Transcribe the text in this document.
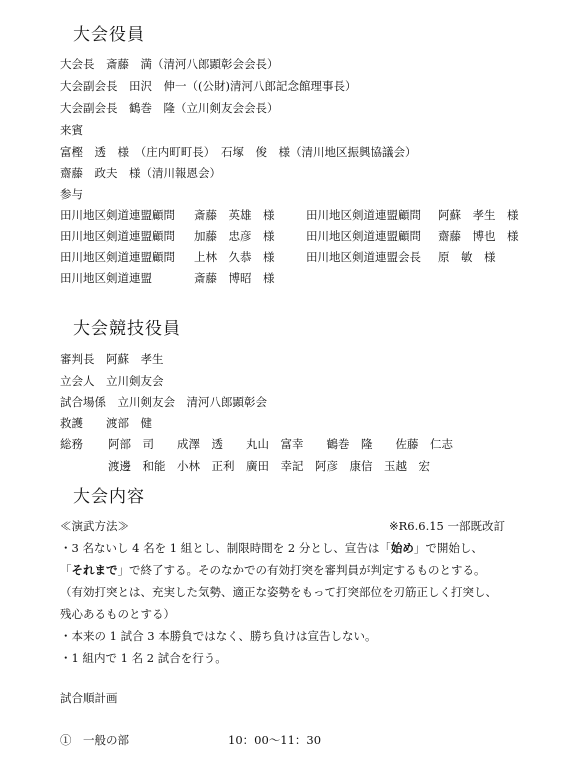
大会役員
大会長　斎藤　満（清河八郎顕彰会会長）
大会副会長　田沢　伸一（(公財)清河八郎記念館理事長）
大会副会長　鶴巻　隆（立川剣友会会長）
来賓
富樫　透　様　（庄内町町長）　石塚　俊　様（清川地区振興協議会）
齋藤　政夫　様（清川報恩会）
参与
田川地区剣道連盟顧問 斎藤　英雄　様	田川地区剣道連盟顧問 阿蘇　孝生　様
田川地区剣道連盟顧問 加藤　忠彦　様	田川地区剣道連盟顧問 齋藤　博也　様
田川地区剣道連盟顧問 上林　久恭　様	田川地区剣道連盟会長 原　敏　様
田川地区剣道連盟	斎藤　博昭　様
大会競技役員
審判長　阿蘇　孝生
立会人　立川剣友会
試合場係　立川剣友会　清河八郎顕彰会
救護　　渡部　健
総務 阿部　司　　成澤　透　　丸山　富幸　　鶴巻　隆　　佐藤　仁志
渡邊　和能　小林　正利　廣田　幸記　阿彦　康信　玉越　宏
大会内容
≪演武方法≫	※R6.6.15 一部既改訂
・3 名ないし 4 名を 1 組とし、制限時間を 2 分とし、宣告は「始め」で開始し、
「それまで」で終了する。そのなかでの有効打突を審判員が判定するものとする。
（有効打突とは、充実した気勢、適正な姿勢をもって打突部位を刃筋正しく打突し、
残心あるものとする）
・本来の 1 試合 3 本勝負ではなく、勝ち負けは宣告しない。
・1 組内で 1 名 2 試合を行う。
試合順計画
①　一般の部	10：00～11：30
